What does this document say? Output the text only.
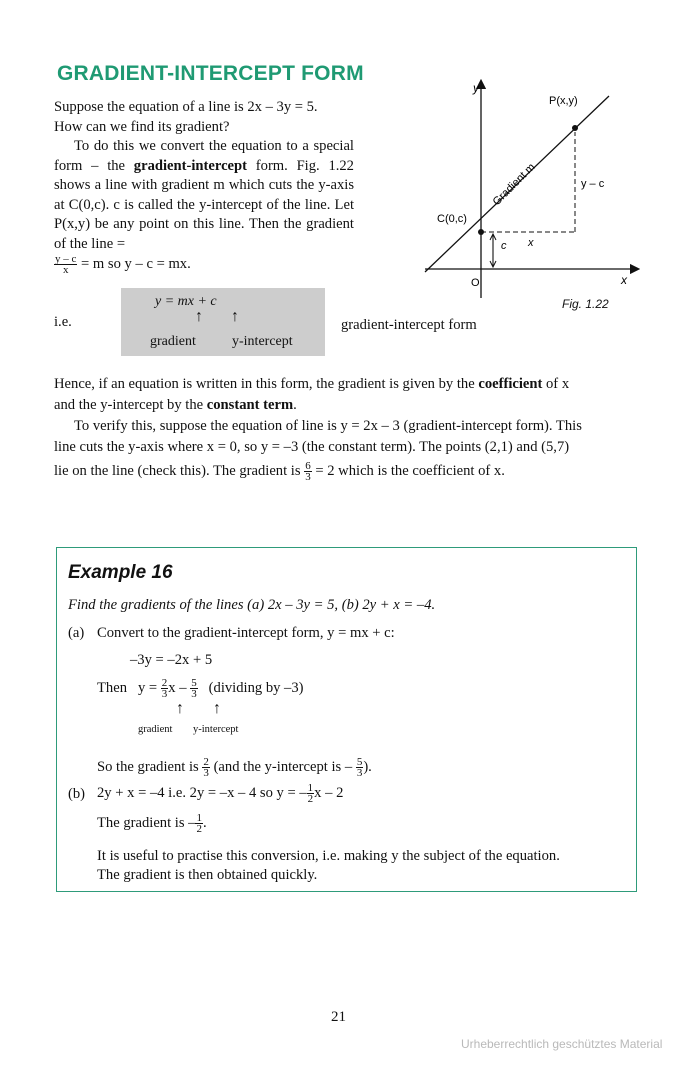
GRADIENT-INTERCEPT FORM

Suppose the equation of a line is 2x – 3y = 5.

How can we find its gradient?

To do this we convert the equation to a special form – the gradient-intercept form. Fig. 1.22 shows a line with gradient m which cuts the y-axis at C(0,c). c is called the y-intercept of the line. Let P(x,y) be any point on this line. Then the gradient of the line =

$\frac{y - c}{x} = m$ so y – c = mx.

i.e.
y = mx + c
↑ ↑
gradient	y-intercept
gradient-intercept form
y
x
O
P(x,y)
C(0,c)
Gradient m	y – c
x
c
Fig. 1.22

Hence, if an equation is written in this form, the gradient is given by the coefficient of x

and the y-intercept by the constant term.

To verify this, suppose the equation of line is y = 2x – 3 (gradient-intercept form). This

line cuts the y-axis where x = 0, so y = –3 (the constant term). The points (2,1) and (5,7)

lie on the line (check this). The gradient is $\frac{6}{3} = 2$ which is the coefficient of x.

Example 16
Find the gradients of the lines (a) 2x – 3y = 5, (b) 2y + x = –4.
(a) Convert to the gradient-intercept form, y = mx + c:
–3y = –2x + 5
Then $y = \frac{2}{3}$ x – $\frac{5}{3}$ (dividing by –3)
↑ ↑
gradient y-intercept
So the gradient is $\frac{2}{3} (and$ the y-intercept is – $\frac{5}{3}$ ).
(b) 2y + x = –4 i.e. 2y = –x – 4 so y = – $\frac{1}{2}$ x – 2
The gradient is – $\frac{1}{2}$ .
It is useful to practise this conversion, i.e. making y the subject of the equation.
The gradient is then obtained quickly.
21
Urheberrechtlich geschütztes Material
